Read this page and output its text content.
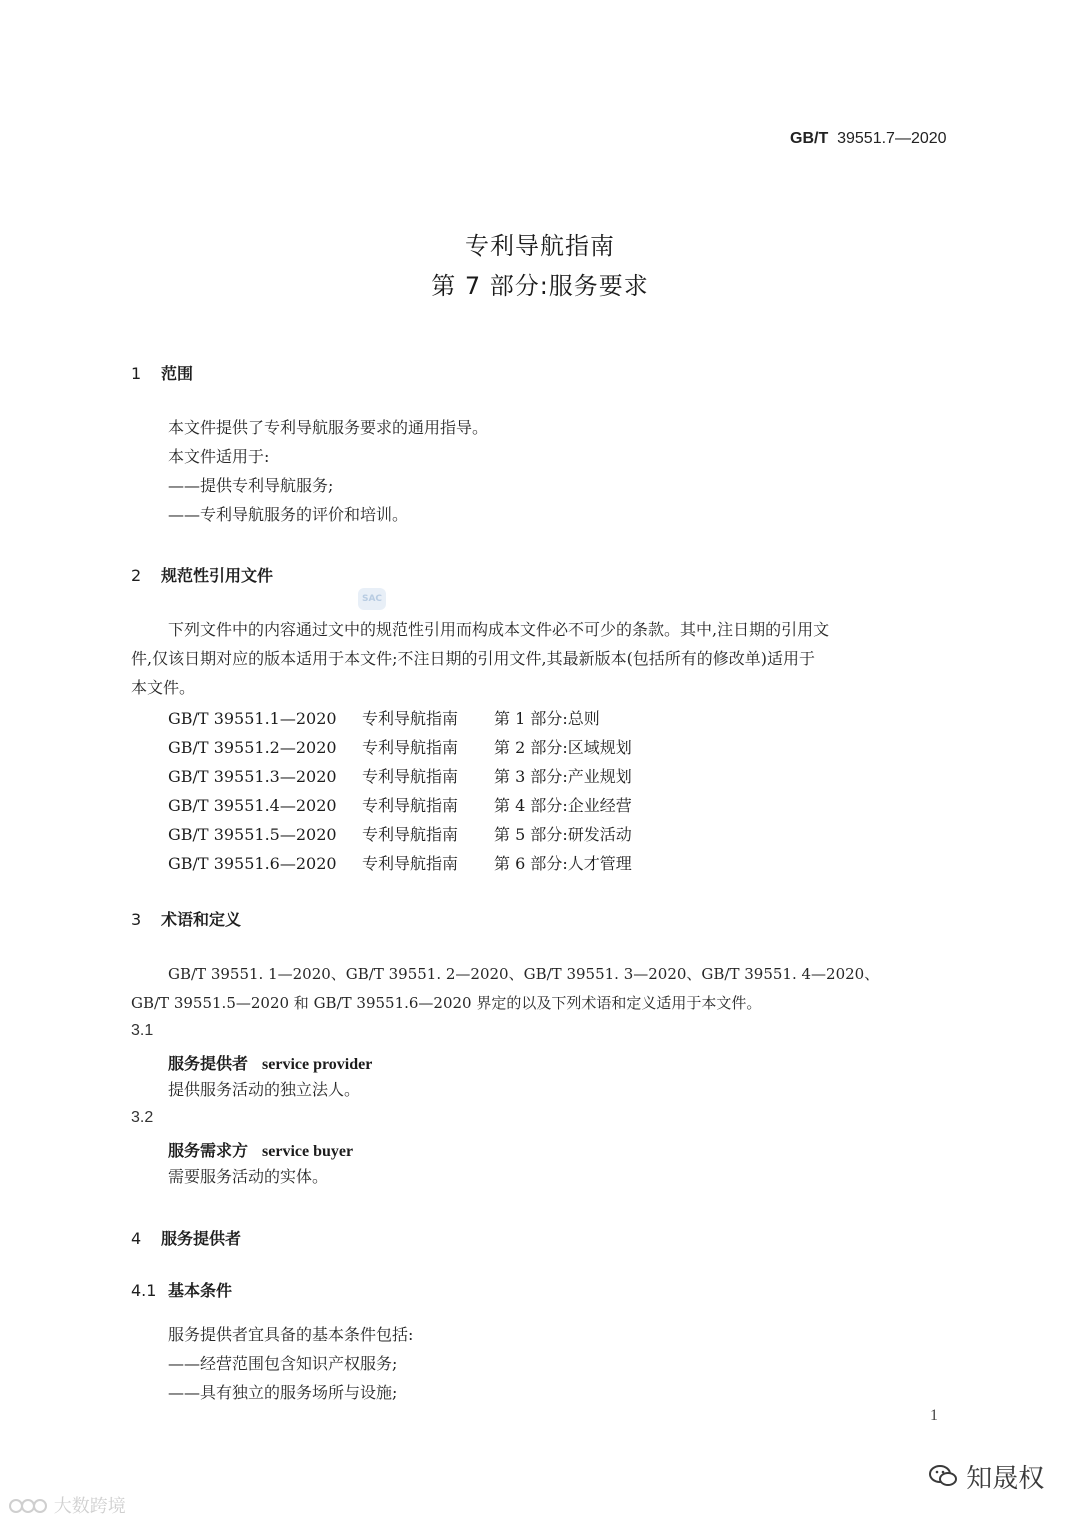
GB/T 39551.7—2020
专利导航指南
第 7 部分:服务要求
1 范围
本文件提供了专利导航服务要求的通用指导。
本文件适用于:
——提供专利导航服务;
——专利导航服务的评价和培训。
2 规范性引用文件
SAC
下列文件中的内容通过文中的规范性引用而构成本文件必不可少的条款。其中,注日期的引用文
件,仅该日期对应的版本适用于本文件;不注日期的引用文件,其最新版本(包括所有的修改单)适用于
本文件。
GB/T 39551.1—2020 专利导航指南 第 1 部分:总则
GB/T 39551.2—2020 专利导航指南 第 2 部分:区域规划
GB/T 39551.3—2020 专利导航指南 第 3 部分:产业规划
GB/T 39551.4—2020 专利导航指南 第 4 部分:企业经营
GB/T 39551.5—2020 专利导航指南 第 5 部分:研发活动
GB/T 39551.6—2020 专利导航指南 第 6 部分:人才管理
3 术语和定义
GB/T 39551. 1—2020、GB/T 39551. 2—2020、GB/T 39551. 3—2020、GB/T 39551. 4—2020、
GB/T 39551.5—2020 和 GB/T 39551.6—2020 界定的以及下列术语和定义适用于本文件。
3.1
服务提供者 service provider
提供服务活动的独立法人。
3.2
服务需求方 service buyer
需要服务活动的实体。
4 服务提供者
4.1 基本条件
服务提供者宜具备的基本条件包括:
——经营范围包含知识产权服务;
——具有独立的服务场所与设施;
1
大数跨境
知晟权
